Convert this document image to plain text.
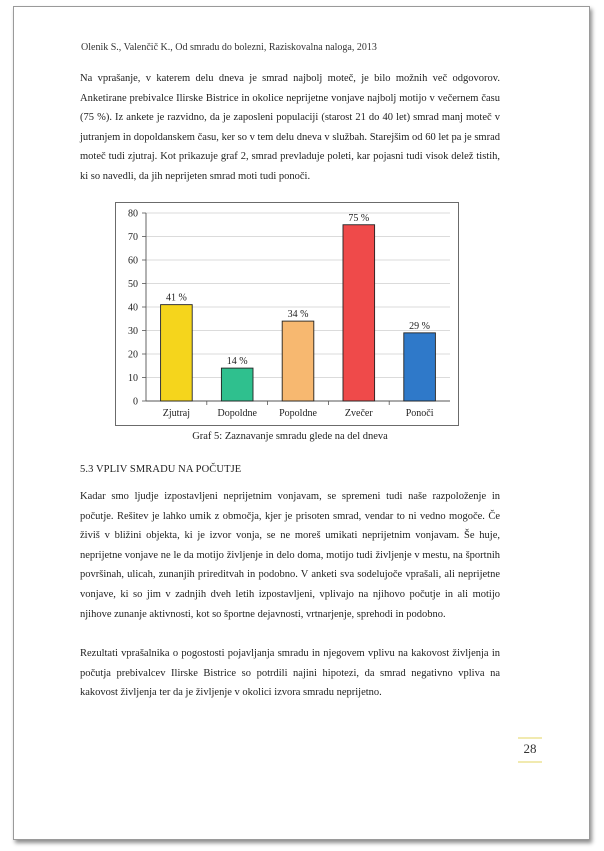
Olenik S., Valenčič K., Od smradu do bolezni, Raziskovalna naloga, 2013

Na vprašanje, v katerem delu dneva je smrad najbolj moteč, je bilo možnih več odgovorov. Anketirane prebivalce Ilirske Bistrice in okolice neprijetne vonjave najbolj motijo v večernem času (75 %). Iz ankete je razvidno, da je zaposleni populaciji (starost 21 do 40 let) smrad manj moteč v jutranjem in dopoldanskem času, ker so v tem delu dneva v službah. Starejšim od 60 let pa je smrad moteč tudi zjutraj. Kot prikazuje graf 2, smrad prevladuje poleti, kar pojasni tudi visok delež tistih, ki so navedli, da jih neprijeten smrad moti tudi ponoči.

0
10
20
30
40
50
60
70
80
41 %
Zjutraj
14 %
Dopoldne
34 %
Popoldne
75 %
Zvečer
29 %
Ponoči
Graf 5: Zaznavanje smradu glede na del dneva
5.3 VPLIV SMRADU NA POČUTJE

Kadar smo ljudje izpostavljeni neprijetnim vonjavam, se spremeni tudi naše razpoloženje in počutje. Rešitev je lahko umik z območja, kjer je prisoten smrad, vendar to ni vedno mogoče. Če živiš v bližini objekta, ki je izvor vonja, se ne moreš umikati neprijetnim vonjavam. Še huje, neprijetne vonjave ne le da motijo življenje in delo doma, motijo tudi življenje v mestu, na športnih površinah, ulicah, zunanjih prireditvah in podobno. V anketi sva sodelujoče vprašali, ali neprijetne vonjave, ki so jim v zadnjih dveh letih izpostavljeni, vplivajo na njihovo počutje in ali motijo njihove zunanje aktivnosti, kot so športne dejavnosti, vrtnarjenje, sprehodi in podobno.

Rezultati vprašalnika o pogostosti pojavljanja smradu in njegovem vplivu na kakovost življenja in počutja prebivalcev Ilirske Bistrice so potrdili najini hipotezi, da smrad negativno vpliva na kakovost življenja ter da je življenje v okolici izvora smradu neprijetno.

28
